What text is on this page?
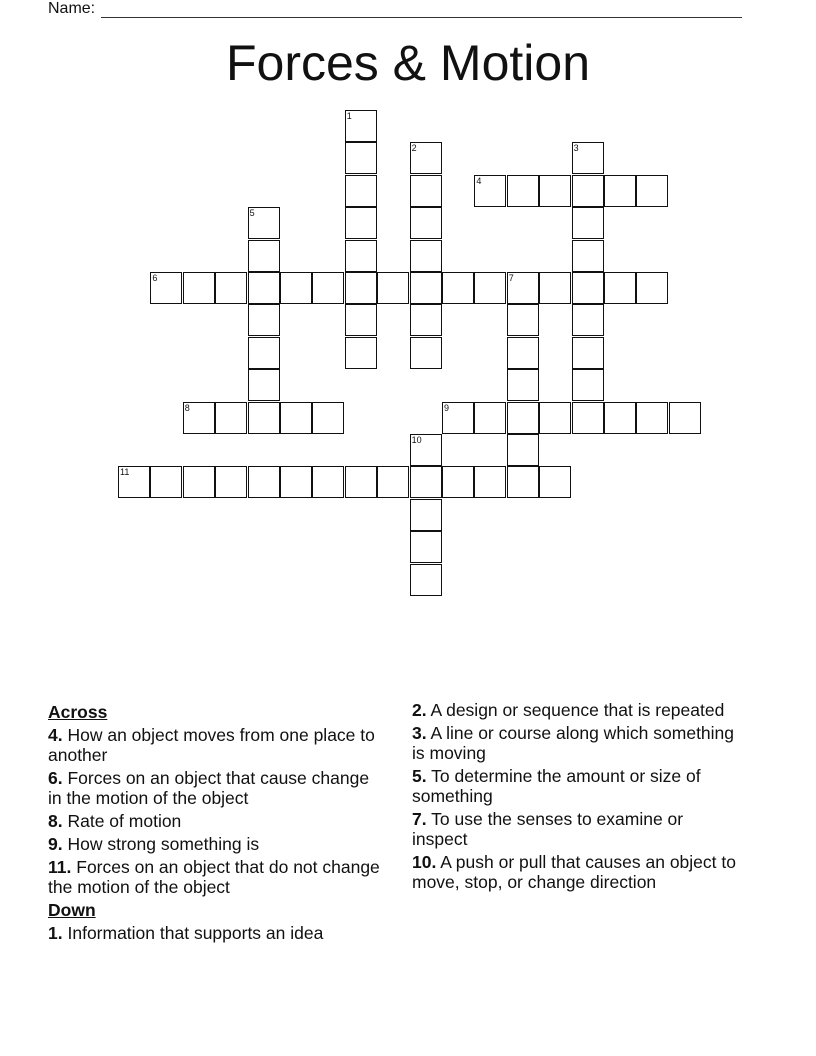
Name:
Forces & Motion
1
2	3
4
5
6	7
8	9
10
11
Across
4. How an object moves from one place to another
6. Forces on an object that cause change in the motion of the object
8. Rate of motion
9. How strong something is
11. Forces on an object that do not change the motion of the object
Down
1. Information that supports an idea
2. A design or sequence that is repeated
3. A line or course along which something is moving
5. To determine the amount or size of something
7. To use the senses to examine or inspect
10. A push or pull that causes an object to move, stop, or change direction
